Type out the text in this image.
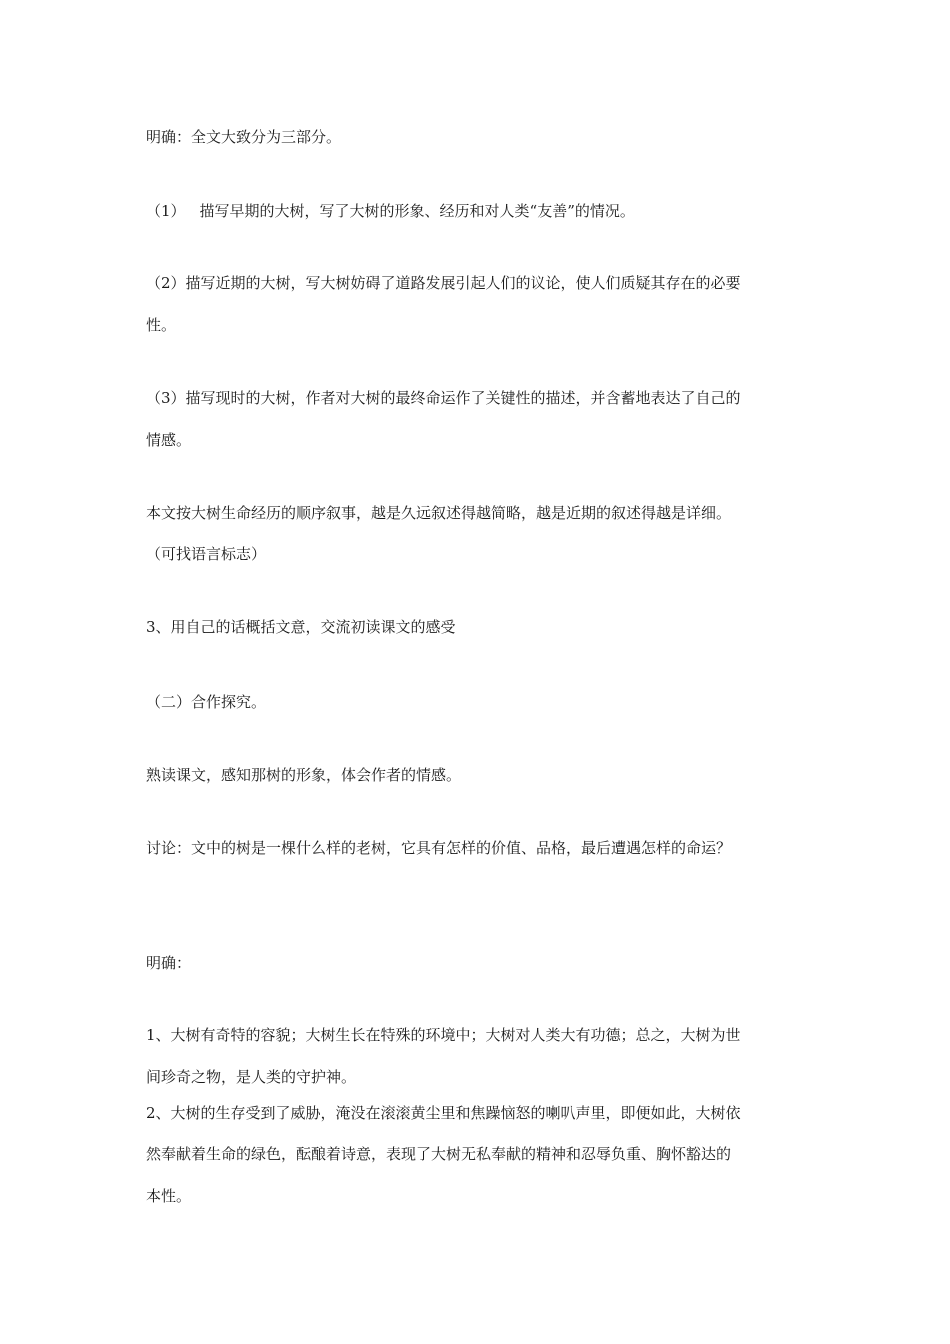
明确：全文大致分为三部分。
（1） 描写早期的大树，写了大树的形象、经历和对人类“友善”的情况。
（2）描写近期的大树，写大树妨碍了道路发展引起人们的议论，使人们质疑其存在的必要
性。
（3）描写现时的大树，作者对大树的最终命运作了关键性的描述，并含蓄地表达了自己的
情感。
本文按大树生命经历的顺序叙事，越是久远叙述得越简略，越是近期的叙述得越是详细。
（可找语言标志）
3、用自己的话概括文意，交流初读课文的感受
（二）合作探究。
熟读课文，感知那树的形象，体会作者的情感。
讨论：文中的树是一棵什么样的老树，它具有怎样的价值、品格，最后遭遇怎样的命运？
明确：
1、大树有奇特的容貌；大树生长在特殊的环境中；大树对人类大有功德；总之，大树为世
间珍奇之物，是人类的守护神。
2、大树的生存受到了威胁，淹没在滚滚黄尘里和焦躁恼怒的喇叭声里，即便如此，大树依
然奉献着生命的绿色，酝酿着诗意，表现了大树无私奉献的精神和忍辱负重、胸怀豁达的
本性。
